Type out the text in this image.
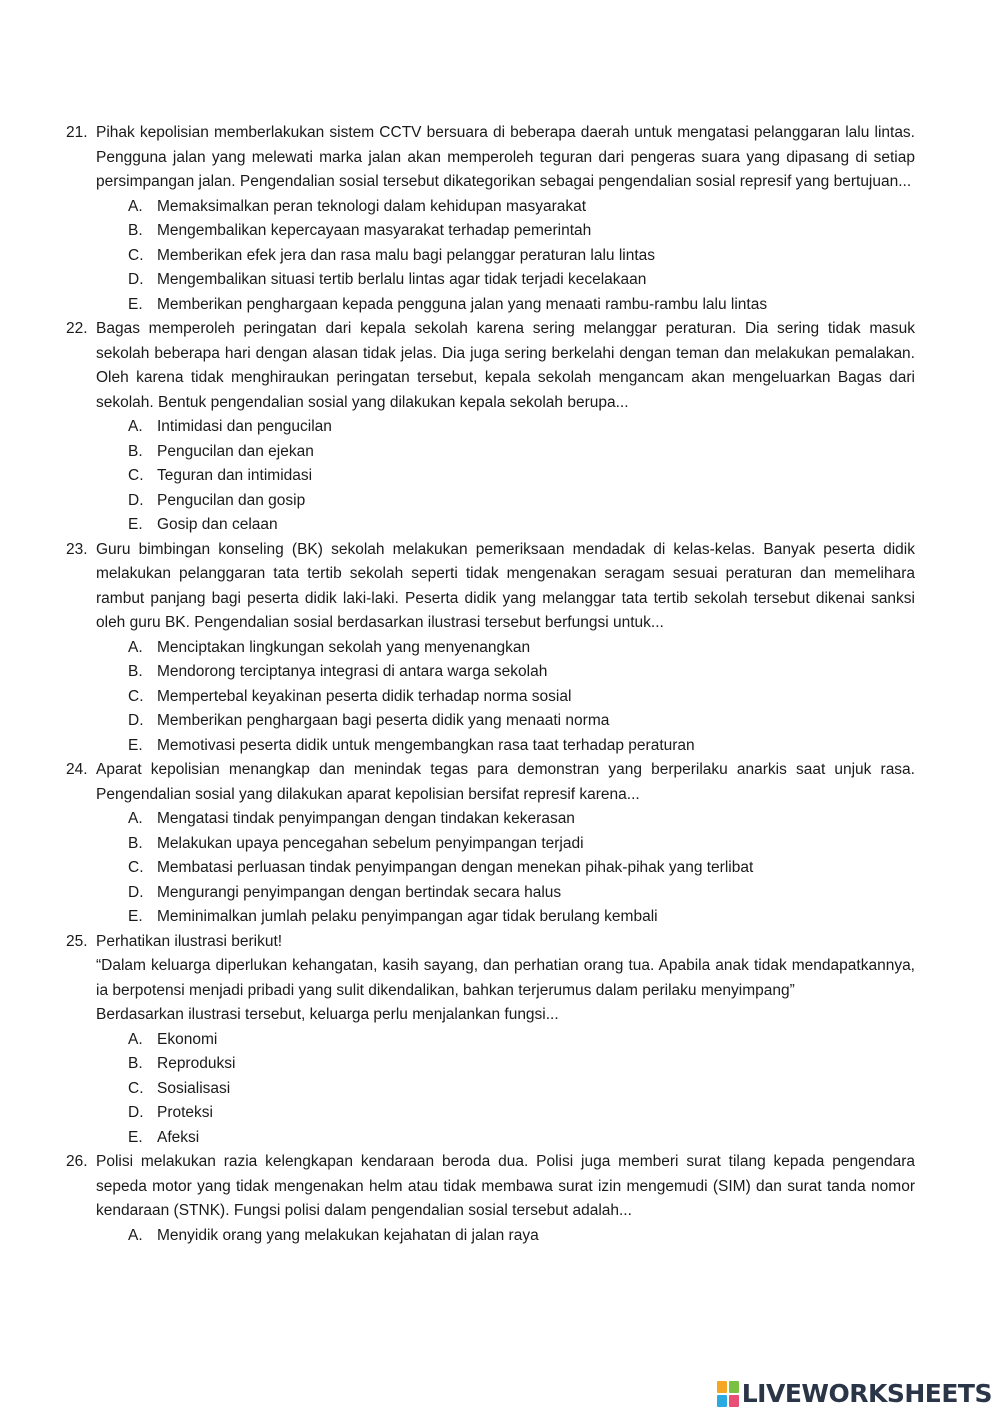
21. Pihak kepolisian memberlakukan sistem CCTV bersuara di beberapa daerah untuk mengatasi pelanggaran lalu lintas. Pengguna jalan yang melewati marka jalan akan memperoleh teguran dari pengeras suara yang dipasang di setiap persimpangan jalan. Pengendalian sosial tersebut dikategorikan sebagai pengendalian sosial represif yang bertujuan...

A. Memaksimalkan peran teknologi dalam kehidupan masyarakat
B. Mengembalikan kepercayaan masyarakat terhadap pemerintah
C. Memberikan efek jera dan rasa malu bagi pelanggar peraturan lalu lintas
D. Mengembalikan situasi tertib berlalu lintas agar tidak terjadi kecelakaan
E. Memberikan penghargaan kepada pengguna jalan yang menaati rambu-rambu lalu lintas
22. Bagas memperoleh peringatan dari kepala sekolah karena sering melanggar peraturan. Dia sering tidak masuk sekolah beberapa hari dengan alasan tidak jelas. Dia juga sering berkelahi dengan teman dan melakukan pemalakan. Oleh karena tidak menghiraukan peringatan tersebut, kepala sekolah mengancam akan mengeluarkan Bagas dari sekolah. Bentuk pengendalian sosial yang dilakukan kepala sekolah berupa...

A. Intimidasi dan pengucilan
B. Pengucilan dan ejekan
C. Teguran dan intimidasi
D. Pengucilan dan gosip
E. Gosip dan celaan
23. Guru bimbingan konseling (BK) sekolah melakukan pemeriksaan mendadak di kelas-kelas. Banyak peserta didik melakukan pelanggaran tata tertib sekolah seperti tidak mengenakan seragam sesuai peraturan dan memelihara rambut panjang bagi peserta didik laki-laki. Peserta didik yang melanggar tata tertib sekolah tersebut dikenai sanksi oleh guru BK. Pengendalian sosial berdasarkan ilustrasi tersebut berfungsi untuk...

A. Menciptakan lingkungan sekolah yang menyenangkan
B. Mendorong terciptanya integrasi di antara warga sekolah
C. Mempertebal keyakinan peserta didik terhadap norma sosial
D. Memberikan penghargaan bagi peserta didik yang menaati norma
E. Memotivasi peserta didik untuk mengembangkan rasa taat terhadap peraturan
24. Aparat kepolisian menangkap dan menindak tegas para demonstran yang berperilaku anarkis saat unjuk rasa. Pengendalian sosial yang dilakukan aparat kepolisian bersifat represif karena...

A. Mengatasi tindak penyimpangan dengan tindakan kekerasan
B. Melakukan upaya pencegahan sebelum penyimpangan terjadi
C. Membatasi perluasan tindak penyimpangan dengan menekan pihak-pihak yang terlibat
D. Mengurangi penyimpangan dengan bertindak secara halus
E. Meminimalkan jumlah pelaku penyimpangan agar tidak berulang kembali
25. Perhatikan ilustrasi berikut!

“Dalam keluarga diperlukan kehangatan, kasih sayang, dan perhatian orang tua. Apabila anak tidak mendapatkannya, ia berpotensi menjadi pribadi yang sulit dikendalikan, bahkan terjerumus dalam perilaku menyimpang”

Berdasarkan ilustrasi tersebut, keluarga perlu menjalankan fungsi...

A. Ekonomi
B. Reproduksi
C. Sosialisasi
D. Proteksi
E. Afeksi
26. Polisi melakukan razia kelengkapan kendaraan beroda dua. Polisi juga memberi surat tilang kepada pengendara sepeda motor yang tidak mengenakan helm atau tidak membawa surat izin mengemudi (SIM) dan surat tanda nomor kendaraan (STNK). Fungsi polisi dalam pengendalian sosial tersebut adalah...

A. Menyidik orang yang melakukan kejahatan di jalan raya
LIVEWORKSHEETS
